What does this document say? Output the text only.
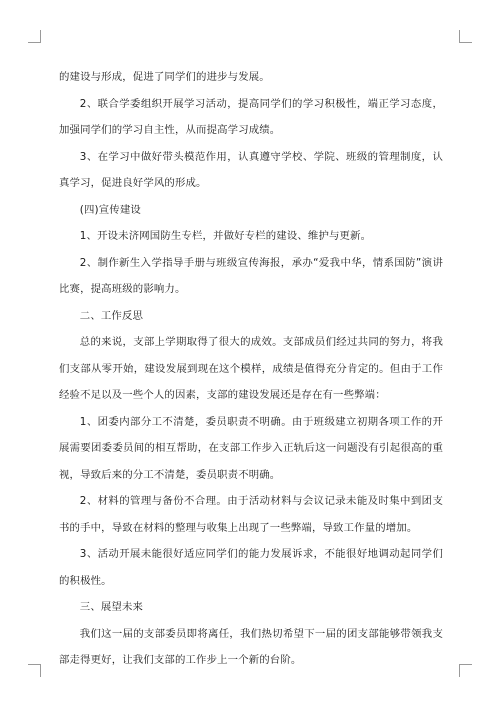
的建设与形成，促进了同学们的进步与发展。

2、联合学委组织开展学习活动，提高同学们的学习积极性，端正学习态度，加强同学们的学习自主性，从而提高学习成绩。

3、在学习中做好带头模范作用，认真遵守学校、学院、班级的管理制度，认真学习，促进良好学风的形成。

(四)宣传建设

1、开设未济网国防生专栏，并做好专栏的建设、维护与更新。

2、制作新生入学指导手册与班级宣传海报，承办“爱我中华，情系国防”演讲比赛，提高班级的影响力。

二、工作反思

总的来说，支部上学期取得了很大的成效。支部成员们经过共同的努力，将我们支部从零开始，建设发展到现在这个模样，成绩是值得充分肯定的。但由于工作经验不足以及一些个人的因素，支部的建设发展还是存在有一些弊端：

1、团委内部分工不清楚，委员职责不明确。由于班级建立初期各项工作的开展需要团委委员间的相互帮助，在支部工作步入正轨后这一问题没有引起很高的重视，导致后来的分工不清楚，委员职责不明确。

2、材料的管理与备份不合理。由于活动材料与会议记录未能及时集中到团支书的手中，导致在材料的整理与收集上出现了一些弊端，导致工作量的增加。

3、活动开展未能很好适应同学们的能力发展诉求，不能很好地调动起同学们的积极性。

三、展望未来

我们这一届的支部委员即将离任，我们热切希望下一届的团支部能够带领我支部走得更好，让我们支部的工作步上一个新的台阶。
